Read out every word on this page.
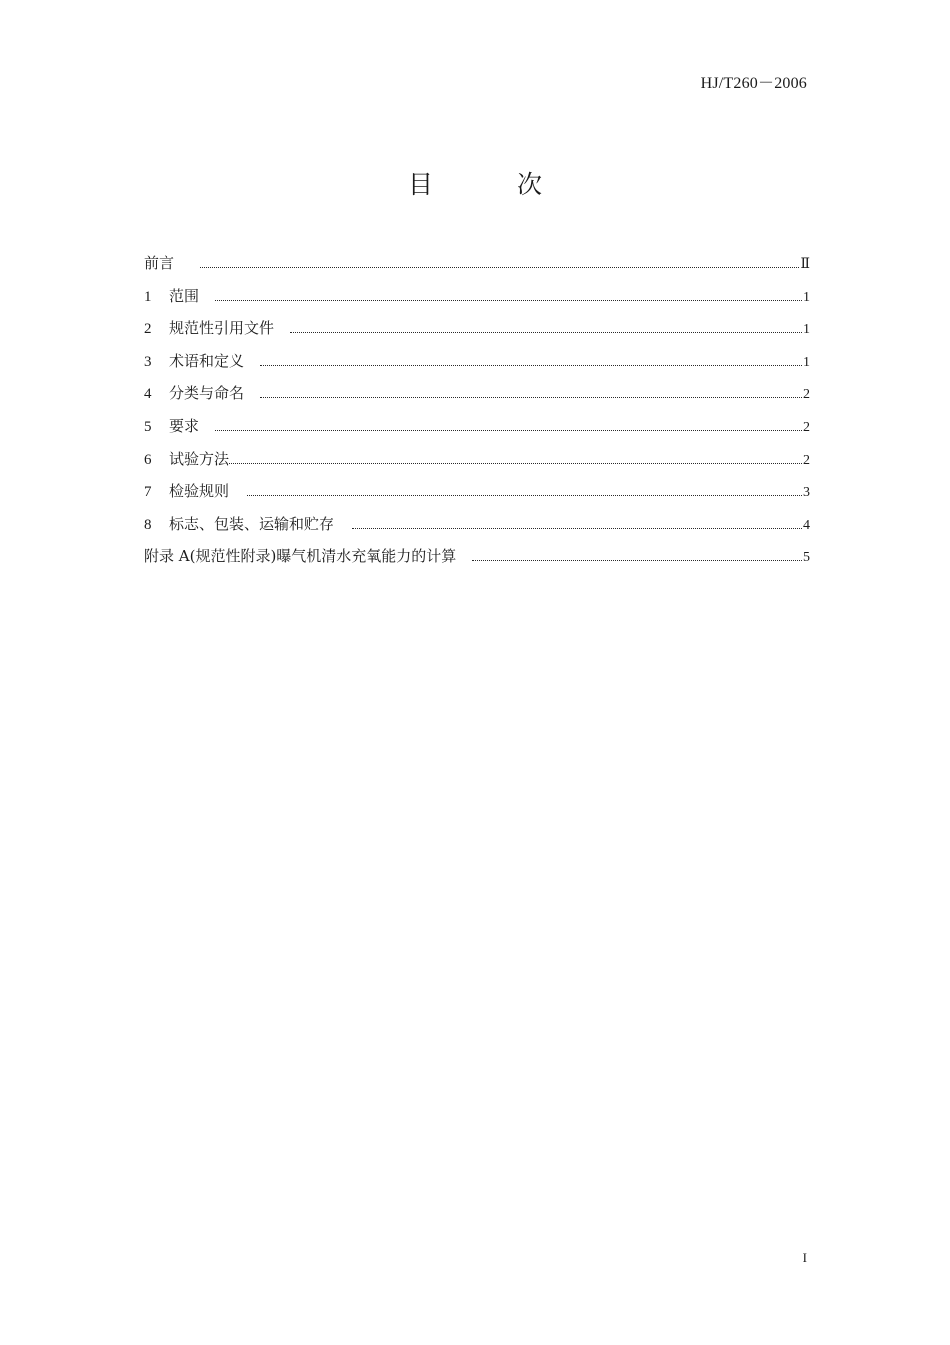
HJ/T260－2006
目 次
前言	Ⅱ
1	范围	1
2	规范性引用文件	1
3	术语和定义	1
4	分类与命名	2
5	要求	2
6	试验方法	2
7	检验规则	3
8	标志、包装、运输和贮存	4
附录 A(规范性附录)曝气机清水充氧能力的计算	5
I
